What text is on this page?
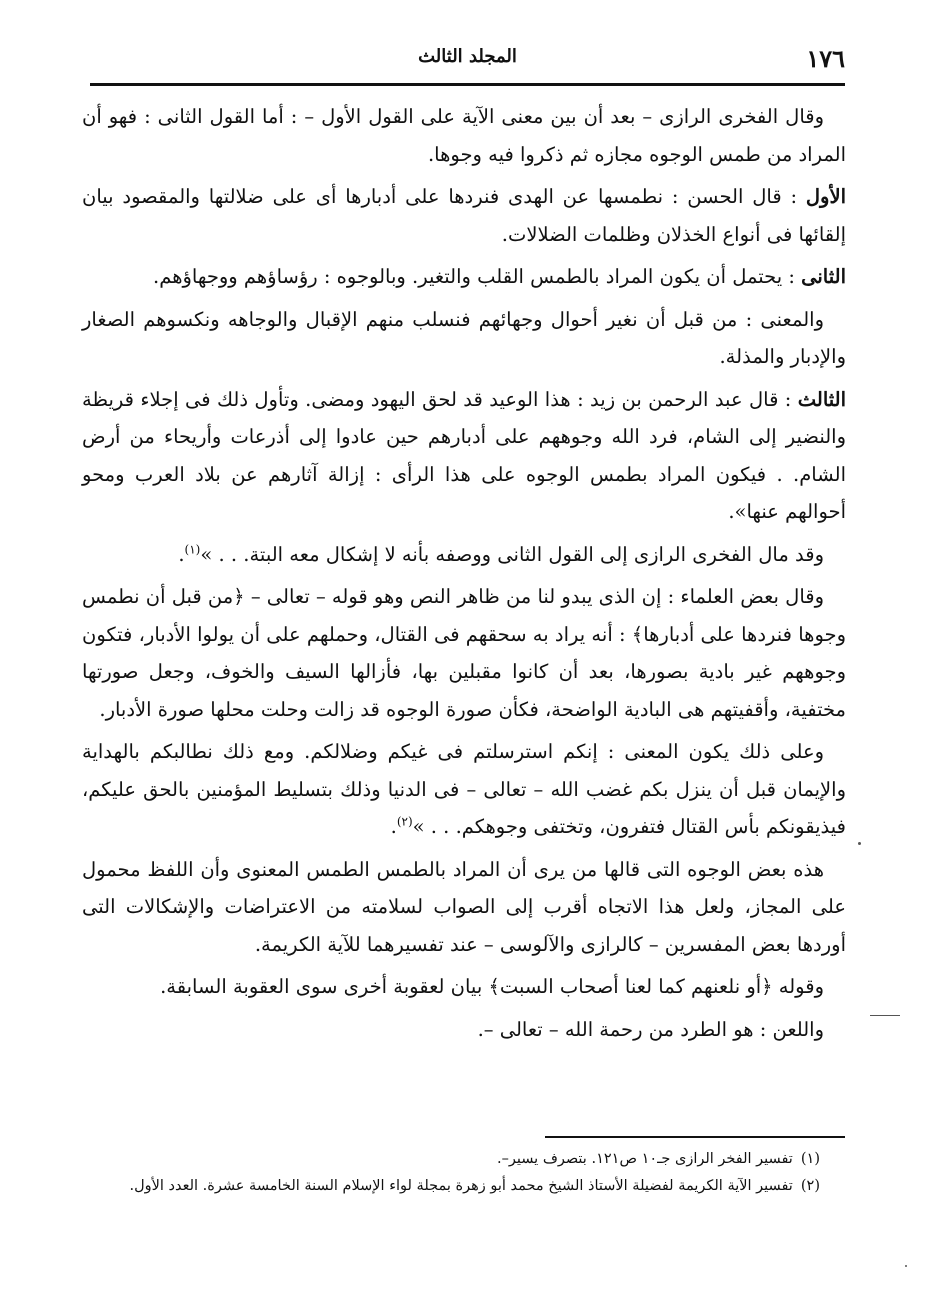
١٧٦
المجلد الثالث

وقال الفخرى الرازى – بعد أن بين معنى الآية على القول الأول – : أما القول الثانى : فهو أن المراد من طمس الوجوه مجازه ثم ذكروا فيه وجوها.

الأول : قال الحسن : نطمسها عن الهدى فنردها على أدبارها أى على ضلالتها والمقصود بيان إلقائها فى أنواع الخذلان وظلمات الضلالات.

الثانى : يحتمل أن يكون المراد بالطمس القلب والتغير. وبالوجوه : رؤساؤهم ووجهاؤهم.

والمعنى : من قبل أن نغير أحوال وجهائهم فنسلب منهم الإقبال والوجاهه ونكسوهم الصغار والإدبار والمذلة.

الثالث : قال عبد الرحمن بن زيد : هذا الوعيد قد لحق اليهود ومضى. وتأول ذلك فى إجلاء قريظة والنضير إلى الشام، فرد الله وجوههم على أدبارهم حين عادوا إلى أذرعات وأريحاء من أرض الشام. . فيكون المراد بطمس الوجوه على هذا الرأى : إزالة آثارهم عن بلاد العرب ومحو أحوالهم عنها».

وقد مال الفخرى الرازى إلى القول الثانى ووصفه بأنه لا إشكال معه البتة. . . »$^{(١)}$.

وقال بعض العلماء : إن الذى يبدو لنا من ظاهر النص وهو قوله – تعالى – ﴿من قبل أن نطمس وجوها فنردها على أدبارها﴾ : أنه يراد به سحقهم فى القتال، وحملهم على أن يولوا الأدبار، فتكون وجوههم غير بادية بصورها، بعد أن كانوا مقبلين بها، فأزالها السيف والخوف، وجعل صورتها مختفية، وأقفيتهم هى البادية الواضحة، فكأن صورة الوجوه قد زالت وحلت محلها صورة الأدبار.

وعلى ذلك يكون المعنى : إنكم استرسلتم فى غيكم وضلالكم. ومع ذلك نطالبكم بالهداية والإيمان قبل أن ينزل بكم غضب الله – تعالى – فى الدنيا وذلك بتسليط المؤمنين بالحق عليكم، فيذيقونكم بأس القتال فتفرون، وتختفى وجوهكم. . . »$^{(٢)}$.

هذه بعض الوجوه التى قالها من يرى أن المراد بالطمس الطمس المعنوى وأن اللفظ محمول على المجاز، ولعل هذا الاتجاه أقرب إلى الصواب لسلامته من الاعتراضات والإشكالات التى أوردها بعض المفسرين – كالرازى والآلوسى – عند تفسيرهما للآية الكريمة.

وقوله ﴿أو نلعنهم كما لعنا أصحاب السبت﴾ بيان لعقوبة أخرى سوى العقوبة السابقة.

واللعن : هو الطرد من رحمة الله – تعالى –.

(١)تفسير الفخر الرازى جـ١٠ ص١٢١. بتصرف يسير–.

(٢)تفسير الآية الكريمة لفضيلة الأستاذ الشيخ محمد أبو زهرة بمجلة لواء الإسلام السنة الخامسة عشرة. العدد الأول.
